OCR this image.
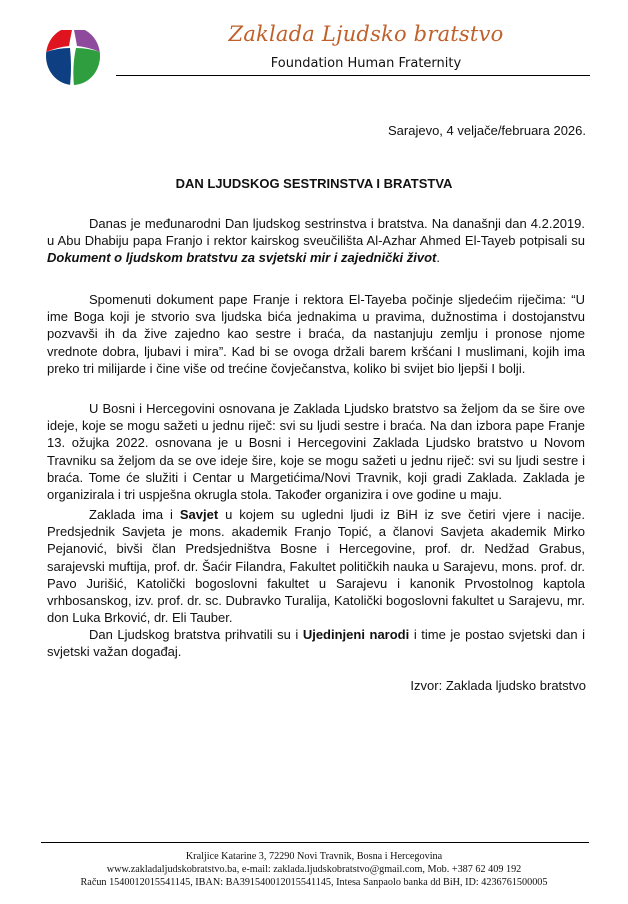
Zaklada Ljudsko bratstvo
Foundation Human Fraternity
Sarajevo, 4 veljače/februara 2026.
DAN LJUDSKOG SESTRINSTVA I BRATSTVA

Danas je međunarodni Dan ljudskog sestrinstva i bratstva. Na današnji dan 4.2.2019. u Abu Dhabiju papa Franjo i rektor kairskog sveučilišta Al-Azhar Ahmed El-Tayeb potpisali su Dokument o ljudskom bratstvu za svjetski mir i zajednički život.

Spomenuti dokument pape Franje i rektora El-Tayeba počinje sljedećim riječima: “U ime Boga koji je stvorio sva ljudska bića jednakima u pravima, dužnostima i dostojanstvu pozvavši ih da žive zajedno kao sestre i braća, da nastanjuju zemlju i pronose njome vrednote dobra, ljubavi i mira”. Kad bi se ovoga držali barem kršćani I muslimani, kojih ima preko tri milijarde i čine više od trećine čovječanstva, koliko bi svijet bio ljepši I bolji.

U Bosni i Hercegovini osnovana je Zaklada Ljudsko bratstvo sa željom da se šire ove ideje, koje se mogu sažeti u jednu riječ: svi su ljudi sestre i braća. Na dan izbora pape Franje 13. ožujka 2022. osnovana je u Bosni i Hercegovini Zaklada Ljudsko bratstvo u Novom Travniku sa željom da se ove ideje šire, koje se mogu sažeti u jednu riječ: svi su ljudi sestre i braća. Tome će služiti i Centar u Margetićima/Novi Travnik, koji gradi Zaklada. Zaklada je organizirala i tri uspješna okrugla stola. Također organizira i ove godine u maju.

Zaklada ima i Savjet u kojem su ugledni ljudi iz BiH iz sve četiri vjere i nacije. Predsjednik Savjeta je mons. akademik Franjo Topić, a članovi Savjeta akademik Mirko Pejanović, bivši član Predsjedništva Bosne i Hercegovine, prof. dr. Nedžad Grabus, sarajevski muftija, prof. dr. Šaćir Filandra, Fakultet političkih nauka u Sarajevu, mons. prof. dr. Pavo Jurišić, Katolički bogoslovni fakultet u Sarajevu i kanonik Prvostolnog kaptola vrhbosanskog, izv. prof. dr. sc. Dubravko Turalija, Katolički bogoslovni fakultet u Sarajevu, mr. don Luka Brković, dr. Eli Tauber.

Dan Ljudskog bratstva prihvatili su i Ujedinjeni narodi i time je postao svjetski dan i svjetski važan događaj.

Izvor: Zaklada ljudsko bratstvo
Kraljice Katarine 3, 72290 Novi Travnik, Bosna i Hercegovina
www.zakladaljudskobratstvo.ba, e-mail: zaklada.ljudskobratstvo@gmail.com, Mob. +387 62 409 192
Račun 1540012015541145, IBAN: BA391540012015541145, Intesa Sanpaolo banka dd BiH, ID: 4236761500005
